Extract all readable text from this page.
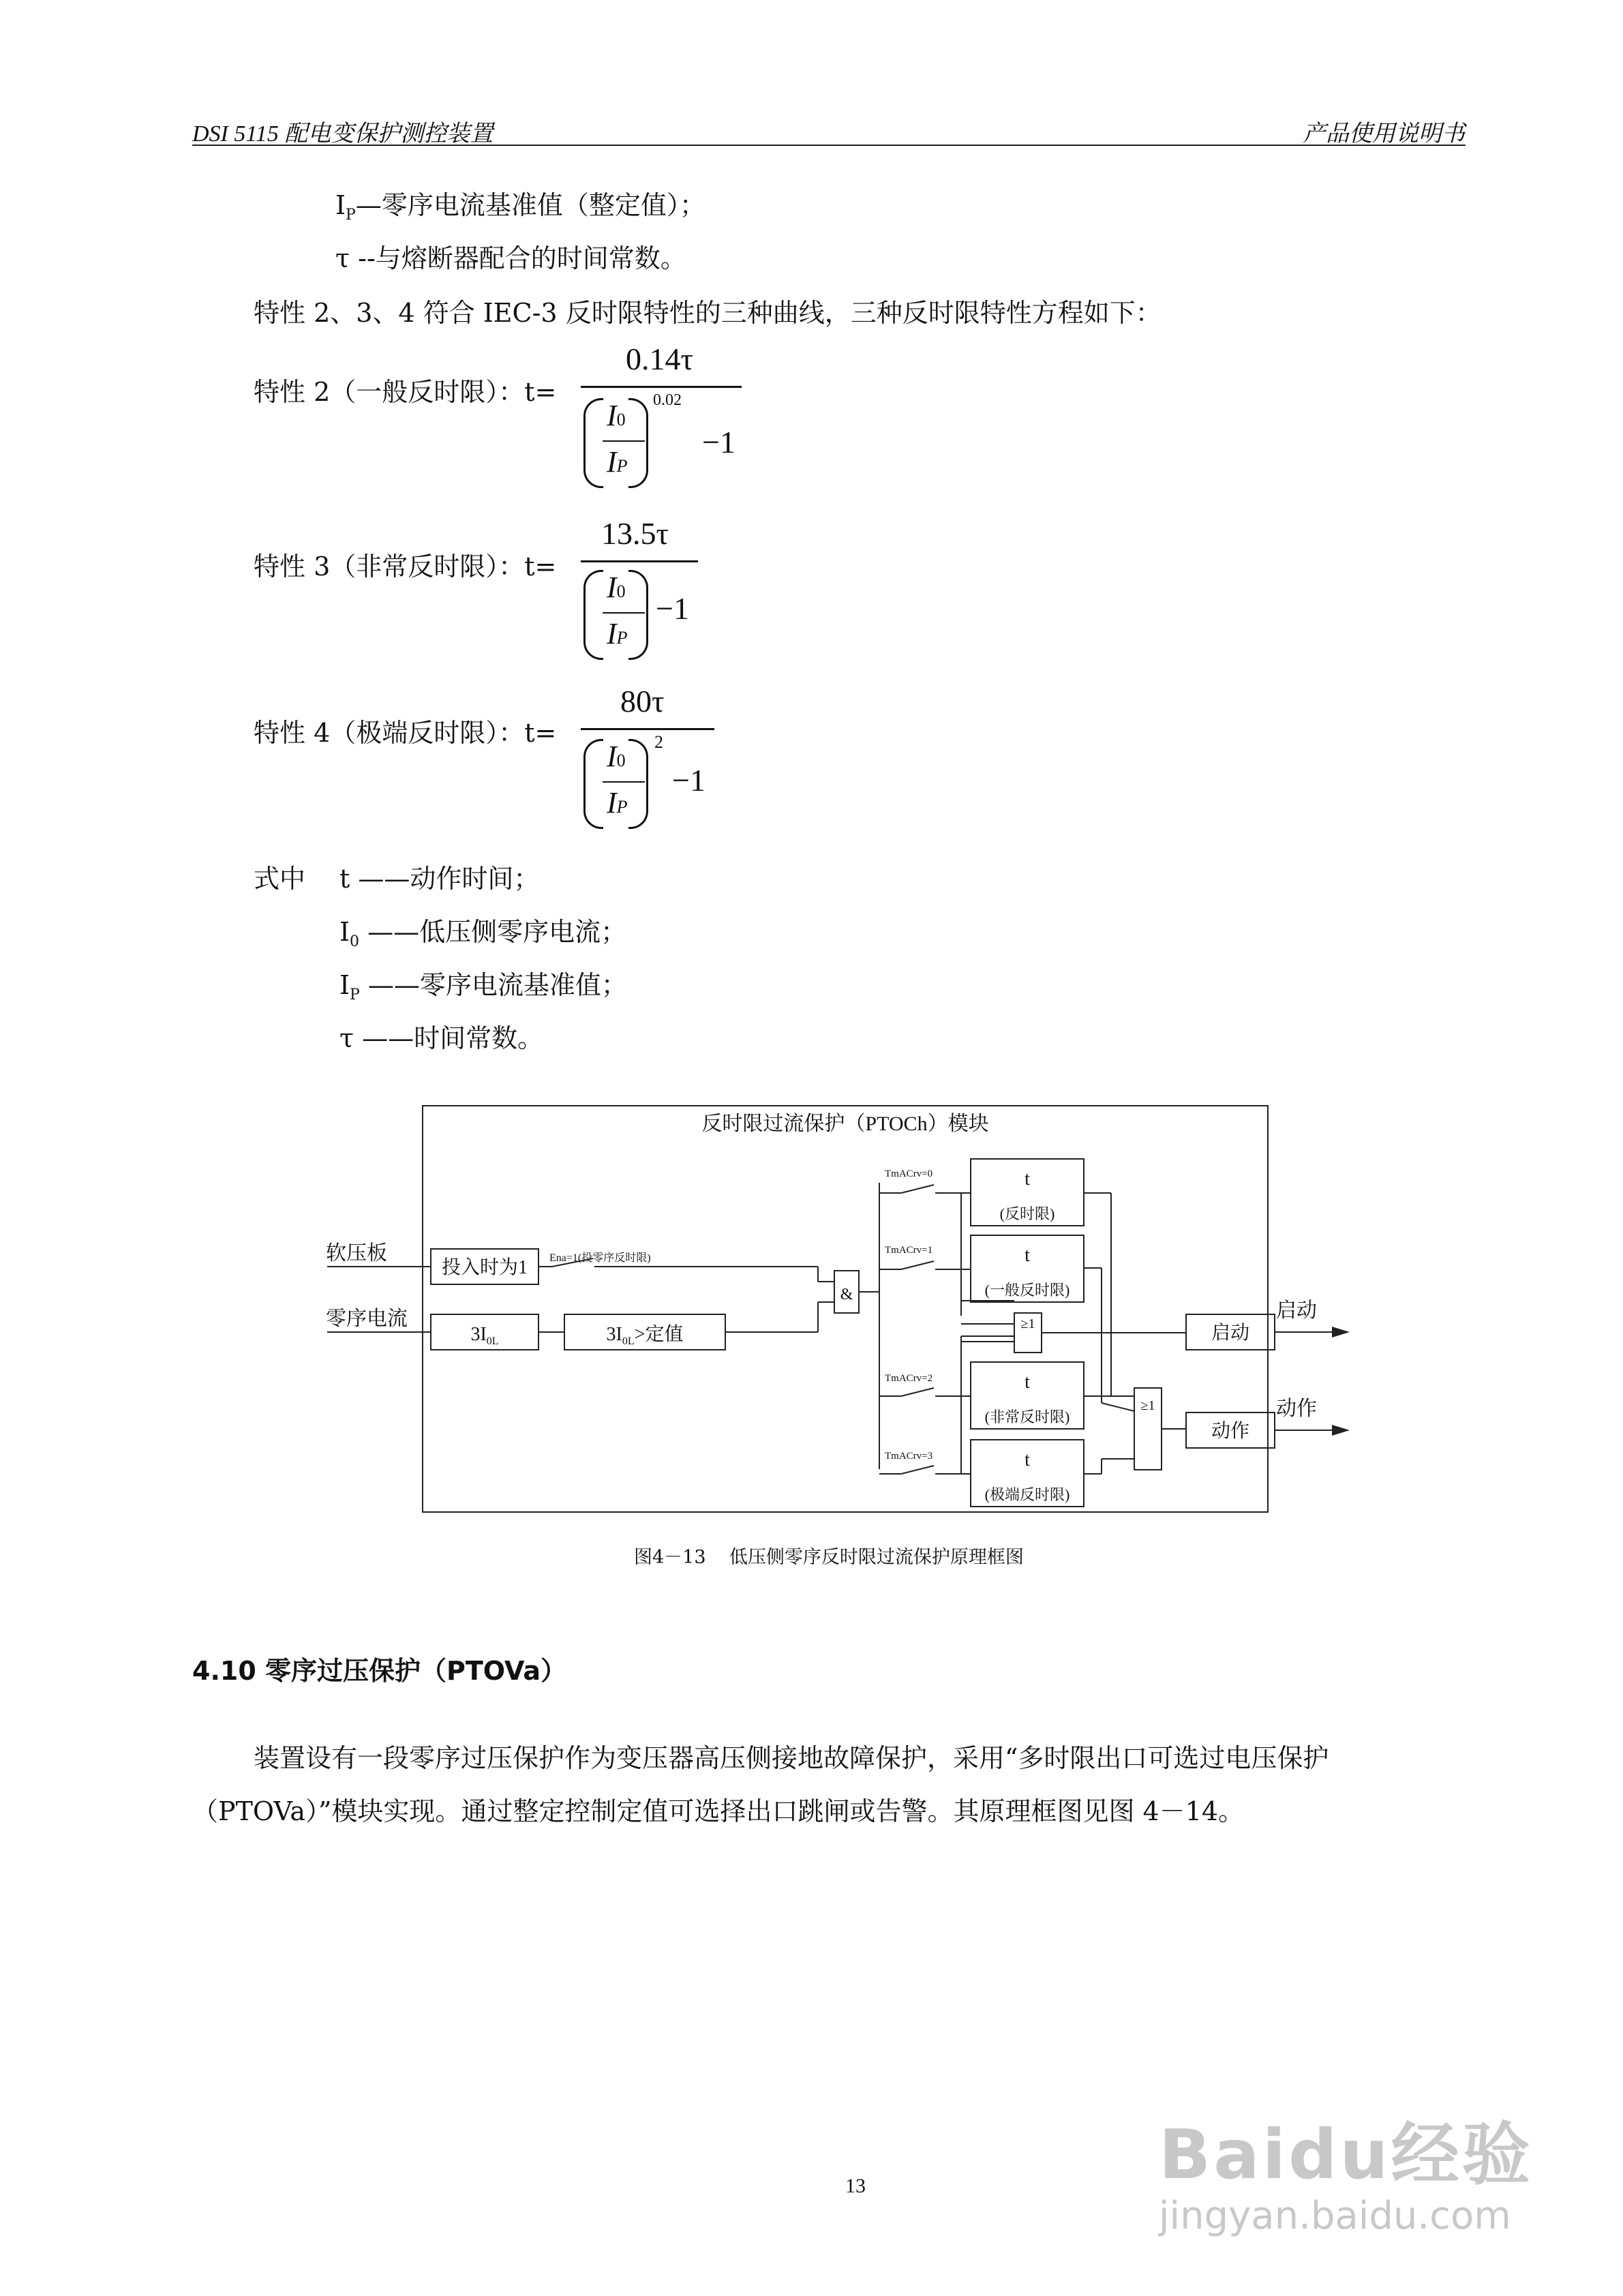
DSI 5115 配电变保护测控装置	产品使用说明书
$I_P—$零序电流基准值（整定值）；
τ --与熔断器配合的时间常数。
特性 2、3、4 符合 IEC-3 反时限特性的三种曲线，三种反时限特性方程如下：
特性 2（一般反时限）：t=
0.14τ
I0
IP
0.02
−1
特性 3（非常反时限）：t=
13.5τ
I0
IP
−1
特性 4（极端反时限）：t=
80τ
I0
IP
2
−1
式中 t ——动作时间；
$I_0$ ——低压侧零序电流；
$I_P$ ——零序电流基准值；
τ ——时间常数。
反时限过流保护（PTOCh）模块
软压板
零序电流
投入时为1 Ena=1(投零序反时限)
$3I_{0L}$	$3I_{0L}>$定值
&
≥1
≥1
TmACrv=0
TmACrv=1
TmACrv=2
TmACrv=3
t
(反时限)
t
(一般反时限)
t
(非常反时限)
t
(极端反时限)
启动
动作
启动
动作
图4－13    低压侧零序反时限过流保护原理框图
4.10 零序过压保护（PTOVa）
装置设有一段零序过压保护作为变压器高压侧接地故障保护，采用“多时限出口可选过电压保护
（PTOVa）”模块实现。通过整定控制定值可选择出口跳闸或告警。其原理框图见图 4－14。
13	Baidu经验
jingyan.baidu.com
